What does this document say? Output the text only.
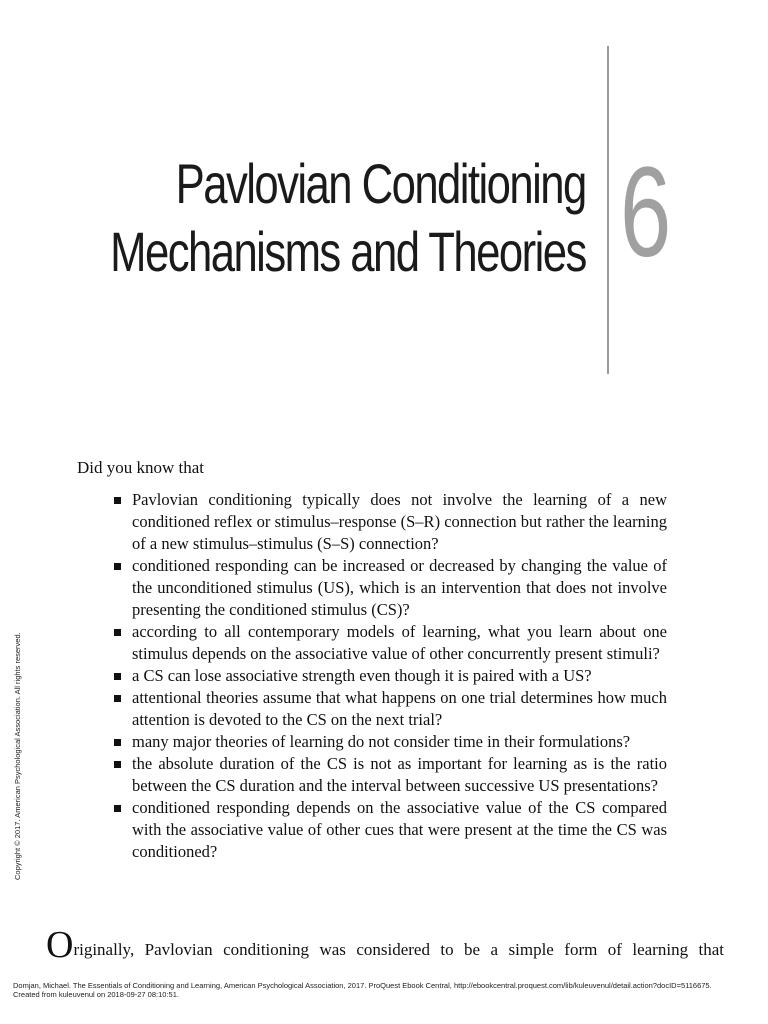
Pavlovian Conditioning
Mechanisms and Theories 6
Did you know that
Pavlovian conditioning typically does not involve the learning of a new conditioned reflex or stimulus–response (S–R) connection but rather the learning of a new stimulus–stimulus (S–S) connection?
conditioned responding can be increased or decreased by changing the value of the unconditioned stimulus (US), which is an intervention that does not involve presenting the conditioned stimulus (CS)?
according to all contemporary models of learning, what you learn about one stimulus depends on the associative value of other concurrently present stimuli?
a CS can lose associative strength even though it is paired with a US?
attentional theories assume that what happens on one trial determines how much attention is devoted to the CS on the next trial?
many major theories of learning do not consider time in their formulations?
the absolute duration of the CS is not as important for learning as is the ratio between the CS duration and the interval between successive US presentations?
conditioned responding depends on the associative value of the CS compared with the associative value of other cues that were present at the time the CS was conditioned?
Originally, Pavlovian conditioning was considered to be a simple form of learning that
Copyright © 2017. American Psychological Association. All rights reserved.
Domjan, Michael. The Essentials of Conditioning and Learning, American Psychological Association, 2017. ProQuest Ebook Central, http://ebookcentral.proquest.com/lib/kuleuvenul/detail.action?docID=5116675.
Created from kuleuvenul on 2018-09-27 08:10:51.
